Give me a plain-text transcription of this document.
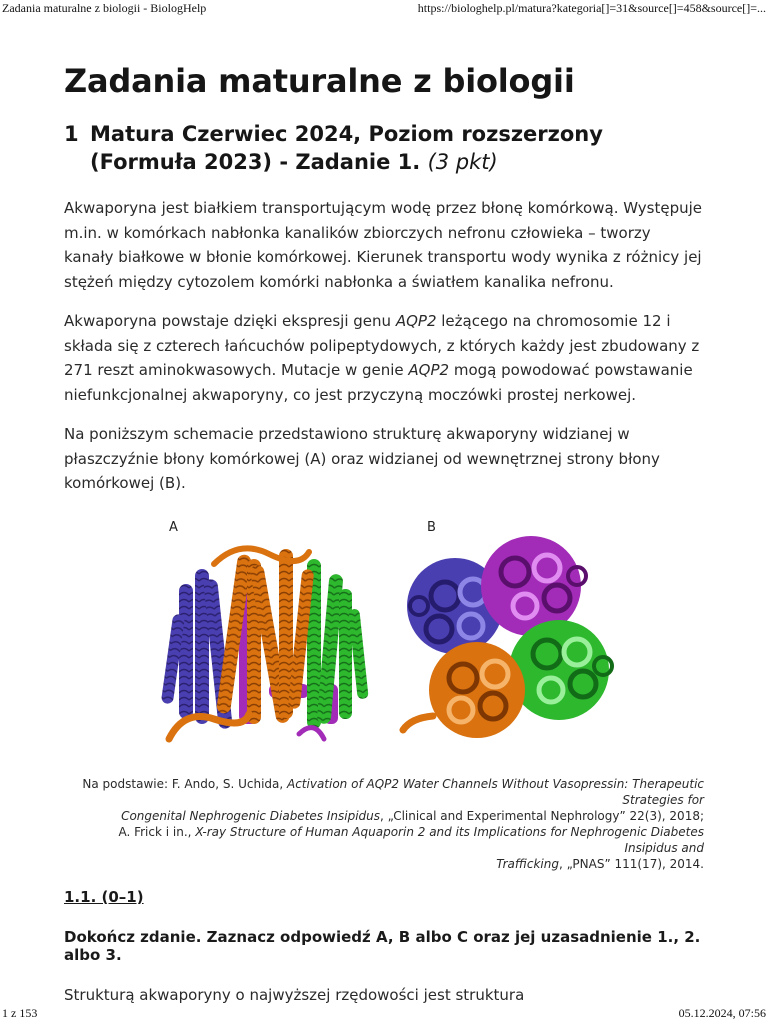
Zadania maturalne z biologii - BiologHelp	https://biologhelp.pl/matura?kategoria[]=31&source[]=458&source[]=...
Zadania maturalne z biologii
1 Matura Czerwiec 2024, Poziom rozszerzony (Formuła 2023) - Zadanie 1. (3 pkt)

Akwaporyna jest białkiem transportującym wodę przez błonę komórkową. Występuje m.in. w komórkach nabłonka kanalików zbiorczych nefronu człowieka – tworzy kanały białkowe w błonie komórkowej. Kierunek transportu wody wynika z różnicy jej stężeń między cytozolem komórki nabłonka a światłem kanalika nefronu.

Akwaporyna powstaje dzięki ekspresji genu AQP2 leżącego na chromosomie 12 i składa się z czterech łańcuchów polipeptydowych, z których każdy jest zbudowany z 271 reszt aminokwasowych. Mutacje w genie AQP2 mogą powodować powstawanie niefunkcjonalnej akwaporyny, co jest przyczyną moczówki prostej nerkowej.

Na poniższym schemacie przedstawiono strukturę akwaporyny widzianej w płaszczyźnie błony komórkowej (A) oraz widzianej od wewnętrznej strony błony komórkowej (B).

A	B
Na podstawie: F. Ando, S. Uchida, Activation of AQP2 Water Channels Without Vasopressin: Therapeutic Strategies for
Congenital Nephrogenic Diabetes Insipidus, „Clinical and Experimental Nephrology” 22(3), 2018;
A. Frick i in., X-ray Structure of Human Aquaporin 2 and its Implications for Nephrogenic Diabetes Insipidus and
Trafficking, „PNAS” 111(17), 2014.
1.1. (0–1)
Dokończ zdanie. Zaznacz odpowiedź A, B albo C oraz jej uzasadnienie 1., 2. albo 3.
Strukturą akwaporyny o najwyższej rzędowości jest struktura
1 z 153	05.12.2024, 07:56
